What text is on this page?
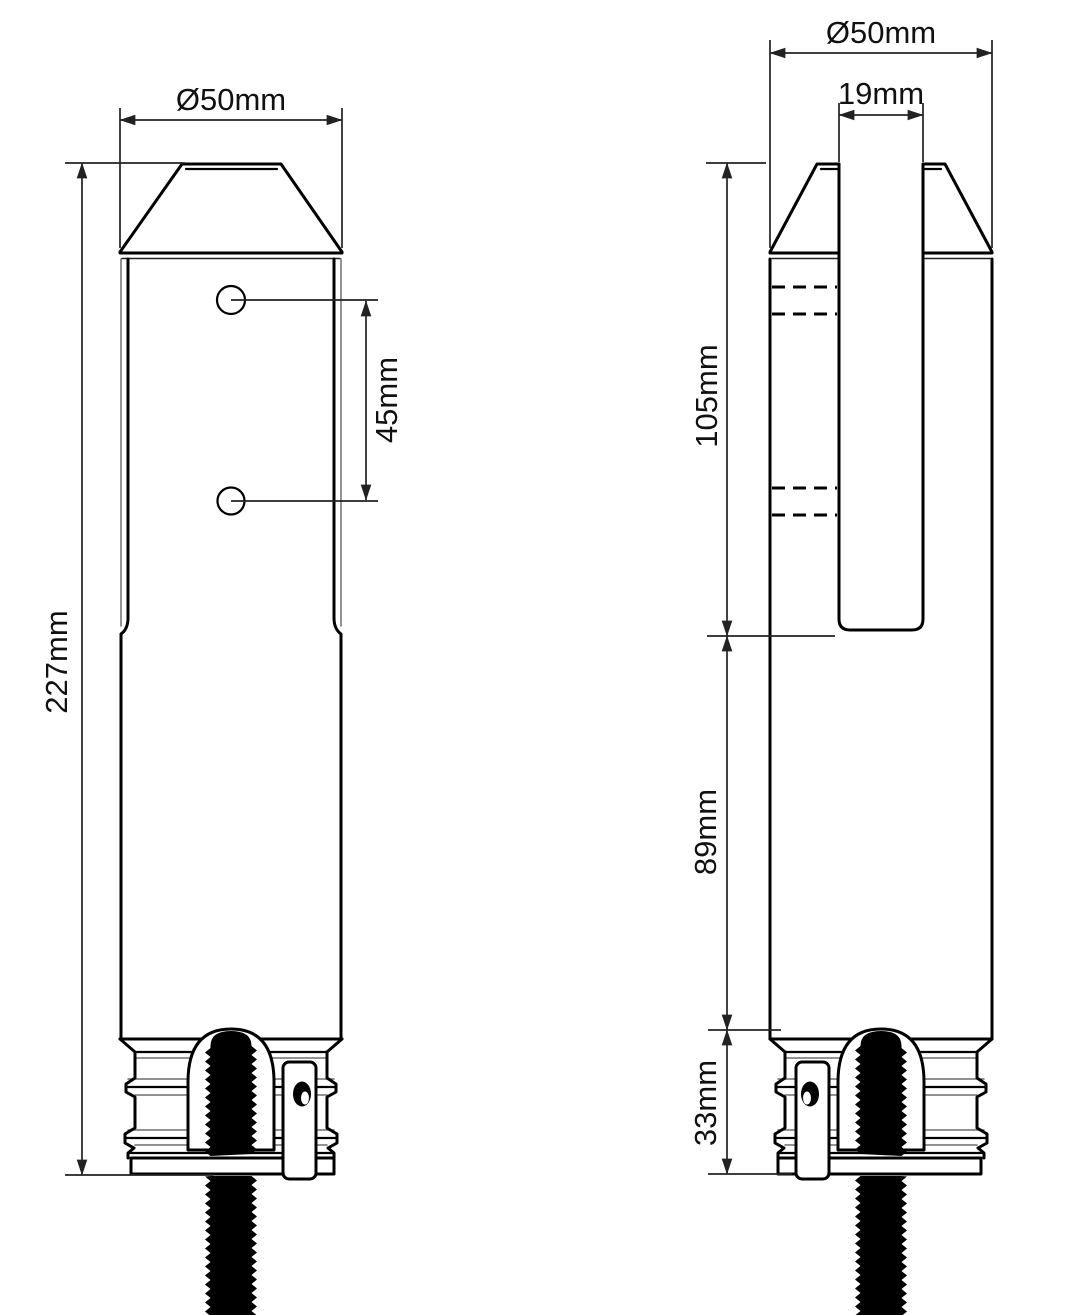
45mm
Ø50mm
227mm
Ø50mm
19mm
105mm
89mm
33mm
